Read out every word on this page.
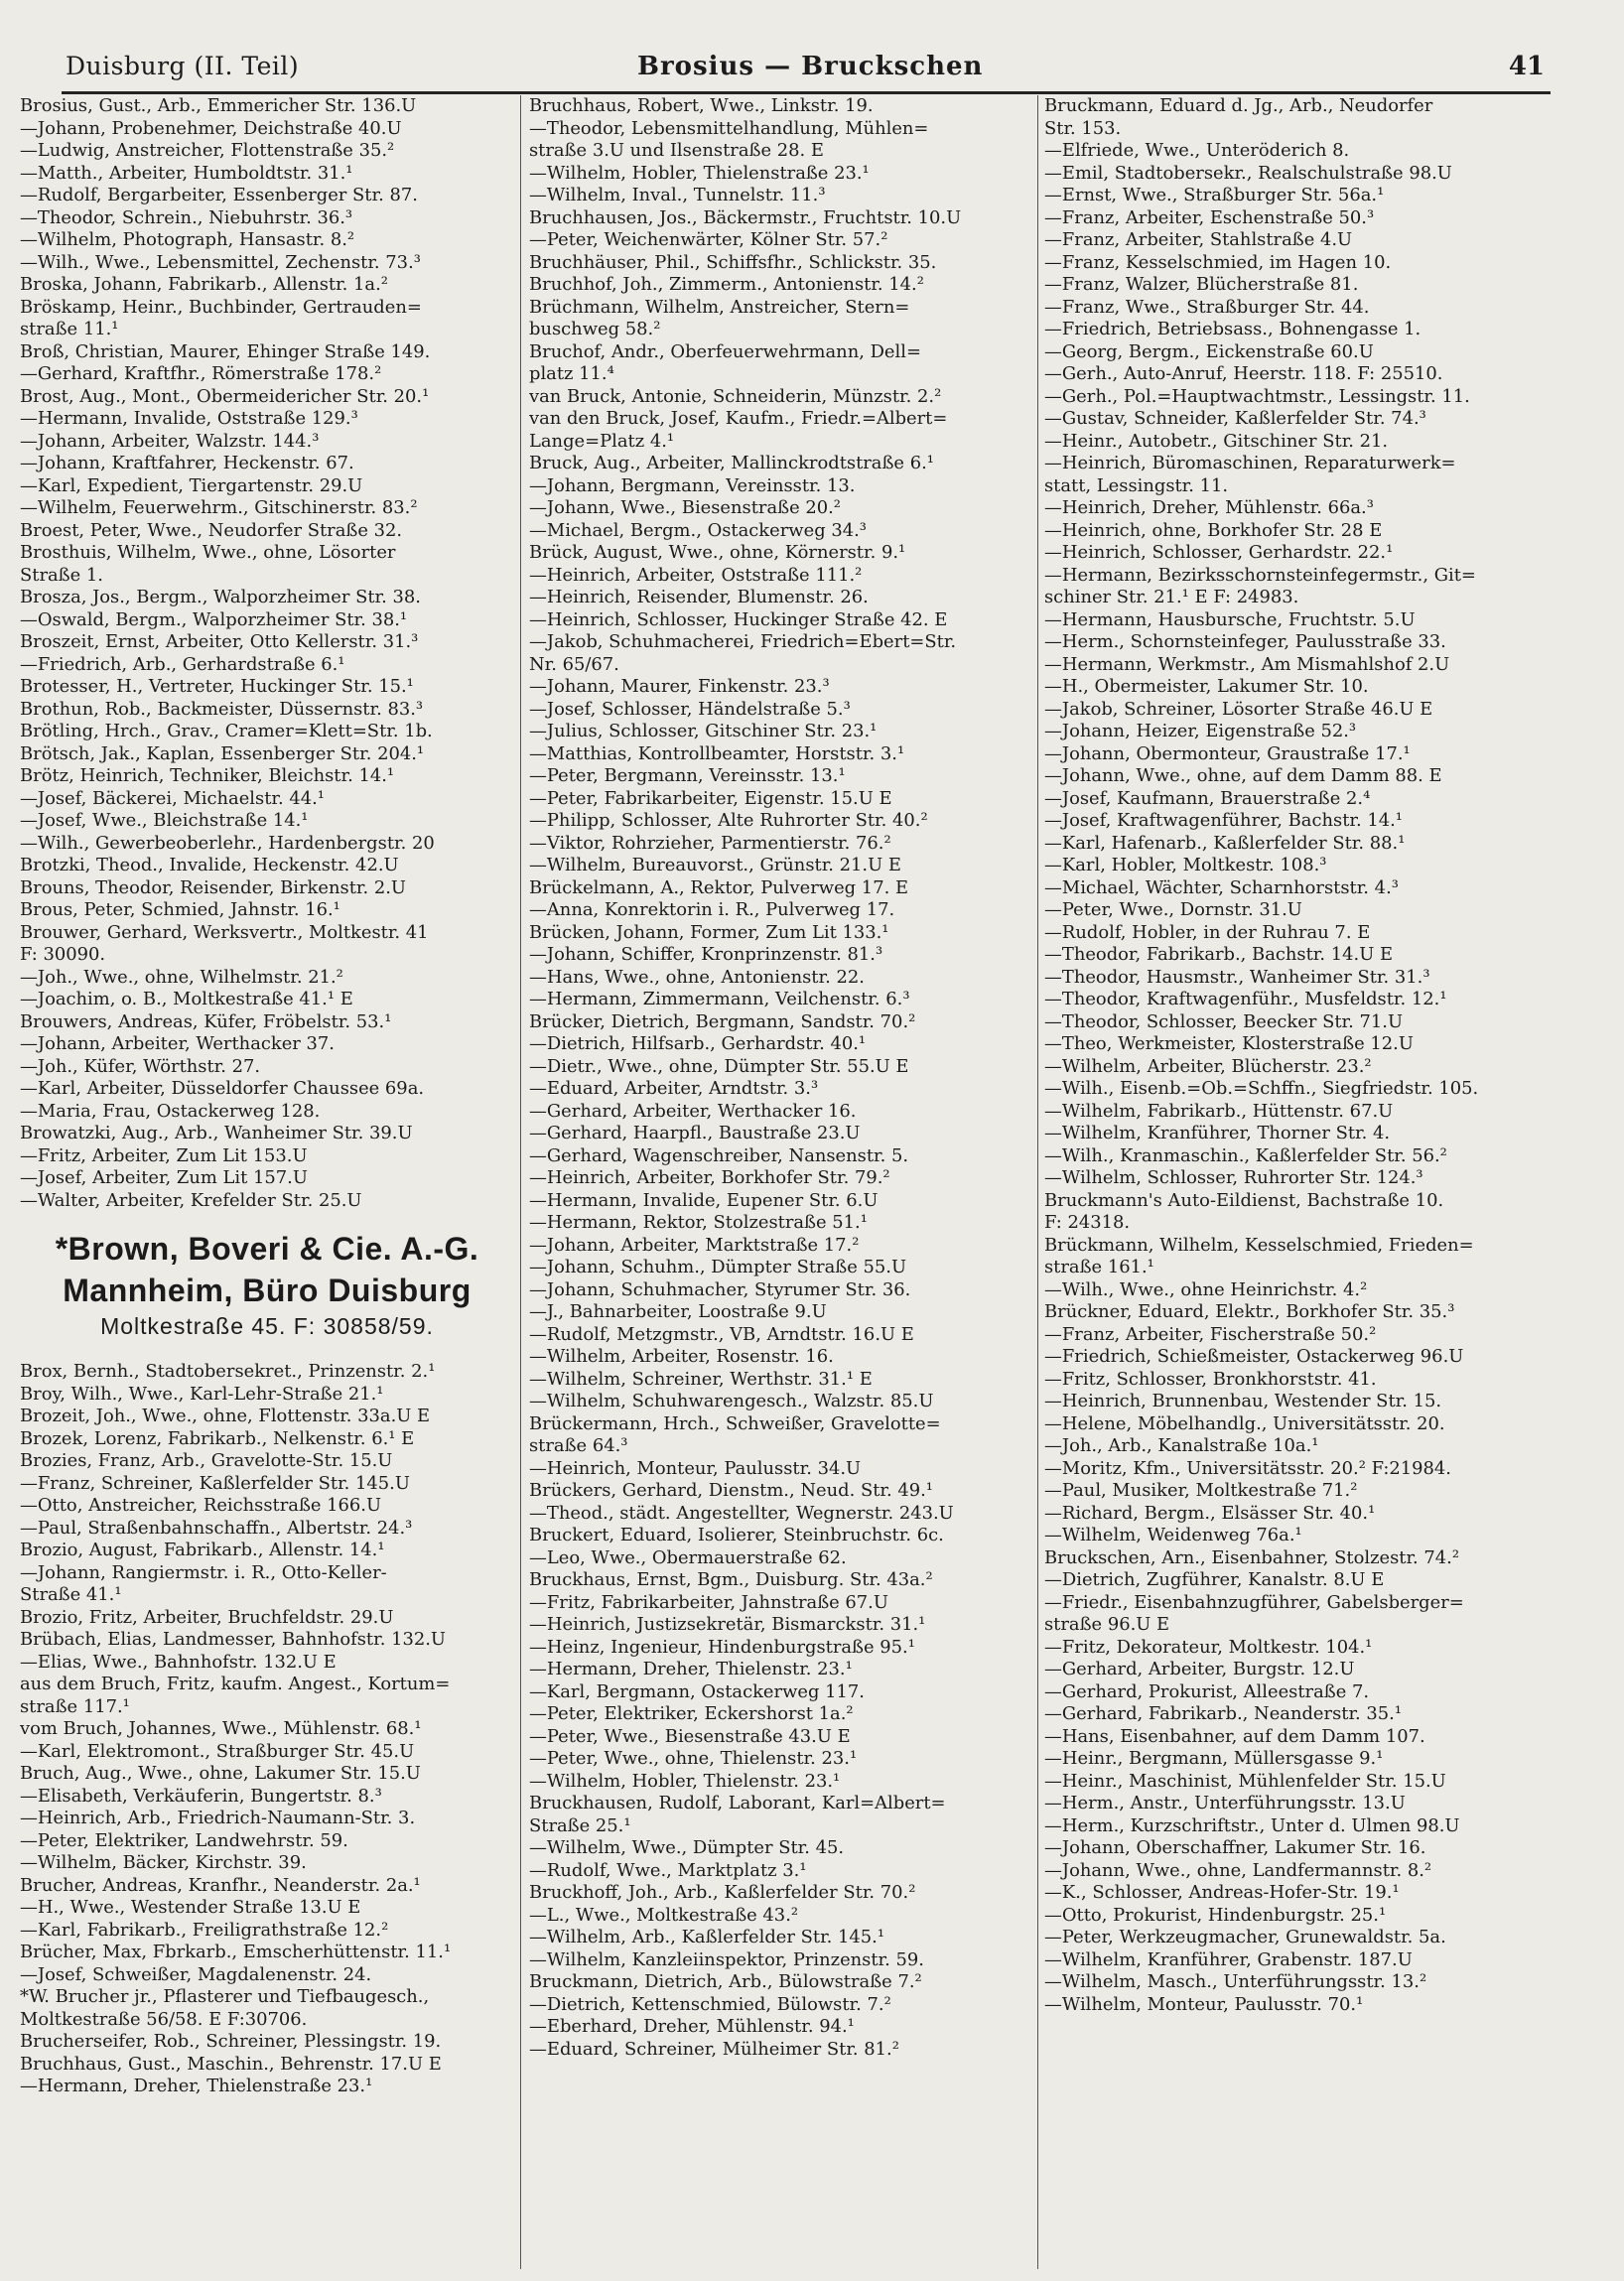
Duisburg (II. Teil)	Brosius — Bruckschen	41
Brosius, Gust., Arb., Emmericher Str. 136.U
—Johann, Probenehmer, Deichstraße 40.U
—Ludwig, Anstreicher, Flottenstraße 35.²
—Matth., Arbeiter, Humboldtstr. 31.¹
—Rudolf, Bergarbeiter, Essenberger Str. 87.
—Theodor, Schrein., Niebuhrstr. 36.³
—Wilhelm, Photograph, Hansastr. 8.²
—Wilh., Wwe., Lebensmittel, Zechenstr. 73.³
Broska, Johann, Fabrikarb., Allenstr. 1a.²
Bröskamp, Heinr., Buchbinder, Gertrauden=
straße 11.¹
Broß, Christian, Maurer, Ehinger Straße 149.
—Gerhard, Kraftfhr., Römerstraße 178.²
Brost, Aug., Mont., Obermeidericher Str. 20.¹
—Hermann, Invalide, Oststraße 129.³
—Johann, Arbeiter, Walzstr. 144.³
—Johann, Kraftfahrer, Heckenstr. 67.
—Karl, Expedient, Tiergartenstr. 29.U
—Wilhelm, Feuerwehrm., Gitschinerstr. 83.²
Broest, Peter, Wwe., Neudorfer Straße 32.
Brosthuis, Wilhelm, Wwe., ohne, Lösorter
Straße 1.
Brosza, Jos., Bergm., Walporzheimer Str. 38.
—Oswald, Bergm., Walporzheimer Str. 38.¹
Broszeit, Ernst, Arbeiter, Otto Kellerstr. 31.³
—Friedrich, Arb., Gerhardstraße 6.¹
Brotesser, H., Vertreter, Huckinger Str. 15.¹
Brothun, Rob., Backmeister, Düssernstr. 83.³
Brötling, Hrch., Grav., Cramer=Klett=Str. 1b.
Brötsch, Jak., Kaplan, Essenberger Str. 204.¹
Brötz, Heinrich, Techniker, Bleichstr. 14.¹
—Josef, Bäckerei, Michaelstr. 44.¹
—Josef, Wwe., Bleichstraße 14.¹
—Wilh., Gewerbeoberlehr., Hardenbergstr. 20
Brotzki, Theod., Invalide, Heckenstr. 42.U
Brouns, Theodor, Reisender, Birkenstr. 2.U
Brous, Peter, Schmied, Jahnstr. 16.¹
Brouwer, Gerhard, Werksvertr., Moltkestr. 41
F: 30090.
—Joh., Wwe., ohne, Wilhelmstr. 21.²
—Joachim, o. B., Moltkestraße 41.¹ E
Brouwers, Andreas, Küfer, Fröbelstr. 53.¹
—Johann, Arbeiter, Werthacker 37.
—Joh., Küfer, Wörthstr. 27.
—Karl, Arbeiter, Düsseldorfer Chaussee 69a.
—Maria, Frau, Ostackerweg 128.
Browatzki, Aug., Arb., Wanheimer Str. 39.U
—Fritz, Arbeiter, Zum Lit 153.U
—Josef, Arbeiter, Zum Lit 157.U
—Walter, Arbeiter, Krefelder Str. 25.U
*Brown, Boveri & Cie. A.-G.
Mannheim, Büro Duisburg
Moltkestraße 45. F: 30858/59.
Brox, Bernh., Stadtobersekret., Prinzenstr. 2.¹
Broy, Wilh., Wwe., Karl-Lehr-Straße 21.¹
Brozeit, Joh., Wwe., ohne, Flottenstr. 33a.U E
Brozek, Lorenz, Fabrikarb., Nelkenstr. 6.¹ E
Brozies, Franz, Arb., Gravelotte-Str. 15.U
—Franz, Schreiner, Kaßlerfelder Str. 145.U
—Otto, Anstreicher, Reichsstraße 166.U
—Paul, Straßenbahnschaffn., Albertstr. 24.³
Brozio, August, Fabrikarb., Allenstr. 14.¹
—Johann, Rangiermstr. i. R., Otto-Keller-
Straße 41.¹
Brozio, Fritz, Arbeiter, Bruchfeldstr. 29.U
Brübach, Elias, Landmesser, Bahnhofstr. 132.U
—Elias, Wwe., Bahnhofstr. 132.U E
aus dem Bruch, Fritz, kaufm. Angest., Kortum=
straße 117.¹
vom Bruch, Johannes, Wwe., Mühlenstr. 68.¹
—Karl, Elektromont., Straßburger Str. 45.U
Bruch, Aug., Wwe., ohne, Lakumer Str. 15.U
—Elisabeth, Verkäuferin, Bungertstr. 8.³
—Heinrich, Arb., Friedrich-Naumann-Str. 3.
—Peter, Elektriker, Landwehrstr. 59.
—Wilhelm, Bäcker, Kirchstr. 39.
Brucher, Andreas, Kranfhr., Neanderstr. 2a.¹
—H., Wwe., Westender Straße 13.U E
—Karl, Fabrikarb., Freiligrathstraße 12.²
Brücher, Max, Fbrkarb., Emscherhüttenstr. 11.¹
—Josef, Schweißer, Magdalenenstr. 24.
*W. Brucher jr., Pflasterer und Tiefbaugesch.,
Moltkestraße 56/58. E F:30706.
Brucherseifer, Rob., Schreiner, Plessingstr. 19.
Bruchhaus, Gust., Maschin., Behrenstr. 17.U E
—Hermann, Dreher, Thielenstraße 23.¹
Bruchhaus, Robert, Wwe., Linkstr. 19.
—Theodor, Lebensmittelhandlung, Mühlen=
straße 3.U und Ilsenstraße 28. E
—Wilhelm, Hobler, Thielenstraße 23.¹
—Wilhelm, Inval., Tunnelstr. 11.³
Bruchhausen, Jos., Bäckermstr., Fruchtstr. 10.U
—Peter, Weichenwärter, Kölner Str. 57.²
Bruchhäuser, Phil., Schiffsfhr., Schlickstr. 35.
Bruchhof, Joh., Zimmerm., Antonienstr. 14.²
Brüchmann, Wilhelm, Anstreicher, Stern=
buschweg 58.²
Bruchof, Andr., Oberfeuerwehrmann, Dell=
platz 11.⁴
van Bruck, Antonie, Schneiderin, Münzstr. 2.²
van den Bruck, Josef, Kaufm., Friedr.=Albert=
Lange=Platz 4.¹
Bruck, Aug., Arbeiter, Mallinckrodtstraße 6.¹
—Johann, Bergmann, Vereinsstr. 13.
—Johann, Wwe., Biesenstraße 20.²
—Michael, Bergm., Ostackerweg 34.³
Brück, August, Wwe., ohne, Körnerstr. 9.¹
—Heinrich, Arbeiter, Oststraße 111.²
—Heinrich, Reisender, Blumenstr. 26.
—Heinrich, Schlosser, Huckinger Straße 42. E
—Jakob, Schuhmacherei, Friedrich=Ebert=Str.
Nr. 65/67.
—Johann, Maurer, Finkenstr. 23.³
—Josef, Schlosser, Händelstraße 5.³
—Julius, Schlosser, Gitschiner Str. 23.¹
—Matthias, Kontrollbeamter, Horststr. 3.¹
—Peter, Bergmann, Vereinsstr. 13.¹
—Peter, Fabrikarbeiter, Eigenstr. 15.U E
—Philipp, Schlosser, Alte Ruhrorter Str. 40.²
—Viktor, Rohrzieher, Parmentierstr. 76.²
—Wilhelm, Bureauvorst., Grünstr. 21.U E
Brückelmann, A., Rektor, Pulverweg 17. E
—Anna, Konrektorin i. R., Pulverweg 17.
Brücken, Johann, Former, Zum Lit 133.¹
—Johann, Schiffer, Kronprinzenstr. 81.³
—Hans, Wwe., ohne, Antonienstr. 22.
—Hermann, Zimmermann, Veilchenstr. 6.³
Brücker, Dietrich, Bergmann, Sandstr. 70.²
—Dietrich, Hilfsarb., Gerhardstr. 40.¹
—Dietr., Wwe., ohne, Dümpter Str. 55.U E
—Eduard, Arbeiter, Arndtstr. 3.³
—Gerhard, Arbeiter, Werthacker 16.
—Gerhard, Haarpfl., Baustraße 23.U
—Gerhard, Wagenschreiber, Nansenstr. 5.
—Heinrich, Arbeiter, Borkhofer Str. 79.²
—Hermann, Invalide, Eupener Str. 6.U
—Hermann, Rektor, Stolzestraße 51.¹
—Johann, Arbeiter, Marktstraße 17.²
—Johann, Schuhm., Dümpter Straße 55.U
—Johann, Schuhmacher, Styrumer Str. 36.
—J., Bahnarbeiter, Loostraße 9.U
—Rudolf, Metzgmstr., VB, Arndtstr. 16.U E
—Wilhelm, Arbeiter, Rosenstr. 16.
—Wilhelm, Schreiner, Werthstr. 31.¹ E
—Wilhelm, Schuhwarengesch., Walzstr. 85.U
Brückermann, Hrch., Schweißer, Gravelotte=
straße 64.³
—Heinrich, Monteur, Paulusstr. 34.U
Brückers, Gerhard, Dienstm., Neud. Str. 49.¹
—Theod., städt. Angestellter, Wegnerstr. 243.U
Bruckert, Eduard, Isolierer, Steinbruchstr. 6c.
—Leo, Wwe., Obermauerstraße 62.
Bruckhaus, Ernst, Bgm., Duisburg. Str. 43a.²
—Fritz, Fabrikarbeiter, Jahnstraße 67.U
—Heinrich, Justizsekretär, Bismarckstr. 31.¹
—Heinz, Ingenieur, Hindenburgstraße 95.¹
—Hermann, Dreher, Thielenstr. 23.¹
—Karl, Bergmann, Ostackerweg 117.
—Peter, Elektriker, Eckershorst 1a.²
—Peter, Wwe., Biesenstraße 43.U E
—Peter, Wwe., ohne, Thielenstr. 23.¹
—Wilhelm, Hobler, Thielenstr. 23.¹
Bruckhausen, Rudolf, Laborant, Karl=Albert=
Straße 25.¹
—Wilhelm, Wwe., Dümpter Str. 45.
—Rudolf, Wwe., Marktplatz 3.¹
Bruckhoff, Joh., Arb., Kaßlerfelder Str. 70.²
—L., Wwe., Moltkestraße 43.²
—Wilhelm, Arb., Kaßlerfelder Str. 145.¹
—Wilhelm, Kanzleiinspektor, Prinzenstr. 59.
Bruckmann, Dietrich, Arb., Bülowstraße 7.²
—Dietrich, Kettenschmied, Bülowstr. 7.²
—Eberhard, Dreher, Mühlenstr. 94.¹
—Eduard, Schreiner, Mülheimer Str. 81.²
Bruckmann, Eduard d. Jg., Arb., Neudorfer
Str. 153.
—Elfriede, Wwe., Unteröderich 8.
—Emil, Stadtobersekr., Realschulstraße 98.U
—Ernst, Wwe., Straßburger Str. 56a.¹
—Franz, Arbeiter, Eschenstraße 50.³
—Franz, Arbeiter, Stahlstraße 4.U
—Franz, Kesselschmied, im Hagen 10.
—Franz, Walzer, Blücherstraße 81.
—Franz, Wwe., Straßburger Str. 44.
—Friedrich, Betriebsass., Bohnengasse 1.
—Georg, Bergm., Eickenstraße 60.U
—Gerh., Auto-Anruf, Heerstr. 118. F: 25510.
—Gerh., Pol.=Hauptwachtmstr., Lessingstr. 11.
—Gustav, Schneider, Kaßlerfelder Str. 74.³
—Heinr., Autobetr., Gitschiner Str. 21.
—Heinrich, Büromaschinen, Reparaturwerk=
statt, Lessingstr. 11.
—Heinrich, Dreher, Mühlenstr. 66a.³
—Heinrich, ohne, Borkhofer Str. 28 E
—Heinrich, Schlosser, Gerhardstr. 22.¹
—Hermann, Bezirksschornsteinfegermstr., Git=
schiner Str. 21.¹ E F: 24983.
—Hermann, Hausbursche, Fruchtstr. 5.U
—Herm., Schornsteinfeger, Paulusstraße 33.
—Hermann, Werkmstr., Am Mismahlshof 2.U
—H., Obermeister, Lakumer Str. 10.
—Jakob, Schreiner, Lösorter Straße 46.U E
—Johann, Heizer, Eigenstraße 52.³
—Johann, Obermonteur, Graustraße 17.¹
—Johann, Wwe., ohne, auf dem Damm 88. E
—Josef, Kaufmann, Brauerstraße 2.⁴
—Josef, Kraftwagenführer, Bachstr. 14.¹
—Karl, Hafenarb., Kaßlerfelder Str. 88.¹
—Karl, Hobler, Moltkestr. 108.³
—Michael, Wächter, Scharnhorststr. 4.³
—Peter, Wwe., Dornstr. 31.U
—Rudolf, Hobler, in der Ruhrau 7. E
—Theodor, Fabrikarb., Bachstr. 14.U E
—Theodor, Hausmstr., Wanheimer Str. 31.³
—Theodor, Kraftwagenführ., Musfeldstr. 12.¹
—Theodor, Schlosser, Beecker Str. 71.U
—Theo, Werkmeister, Klosterstraße 12.U
—Wilhelm, Arbeiter, Blücherstr. 23.²
—Wilh., Eisenb.=Ob.=Schffn., Siegfriedstr. 105.
—Wilhelm, Fabrikarb., Hüttenstr. 67.U
—Wilhelm, Kranführer, Thorner Str. 4.
—Wilh., Kranmaschin., Kaßlerfelder Str. 56.²
—Wilhelm, Schlosser, Ruhrorter Str. 124.³
Bruckmann's Auto-Eildienst, Bachstraße 10.
F: 24318.
Brückmann, Wilhelm, Kesselschmied, Frieden=
straße 161.¹
—Wilh., Wwe., ohne Heinrichstr. 4.²
Brückner, Eduard, Elektr., Borkhofer Str. 35.³
—Franz, Arbeiter, Fischerstraße 50.²
—Friedrich, Schießmeister, Ostackerweg 96.U
—Fritz, Schlosser, Bronkhorststr. 41.
—Heinrich, Brunnenbau, Westender Str. 15.
—Helene, Möbelhandlg., Universitätsstr. 20.
—Joh., Arb., Kanalstraße 10a.¹
—Moritz, Kfm., Universitätsstr. 20.² F:21984.
—Paul, Musiker, Moltkestraße 71.²
—Richard, Bergm., Elsässer Str. 40.¹
—Wilhelm, Weidenweg 76a.¹
Bruckschen, Arn., Eisenbahner, Stolzestr. 74.²
—Dietrich, Zugführer, Kanalstr. 8.U E
—Friedr., Eisenbahnzugführer, Gabelsberger=
straße 96.U E
—Fritz, Dekorateur, Moltkestr. 104.¹
—Gerhard, Arbeiter, Burgstr. 12.U
—Gerhard, Prokurist, Alleestraße 7.
—Gerhard, Fabrikarb., Neanderstr. 35.¹
—Hans, Eisenbahner, auf dem Damm 107.
—Heinr., Bergmann, Müllersgasse 9.¹
—Heinr., Maschinist, Mühlenfelder Str. 15.U
—Herm., Anstr., Unterführungsstr. 13.U
—Herm., Kurzschriftstr., Unter d. Ulmen 98.U
—Johann, Oberschaffner, Lakumer Str. 16.
—Johann, Wwe., ohne, Landfermannstr. 8.²
—K., Schlosser, Andreas-Hofer-Str. 19.¹
—Otto, Prokurist, Hindenburgstr. 25.¹
—Peter, Werkzeugmacher, Grunewaldstr. 5a.
—Wilhelm, Kranführer, Grabenstr. 187.U
—Wilhelm, Masch., Unterführungsstr. 13.²
—Wilhelm, Monteur, Paulusstr. 70.¹
